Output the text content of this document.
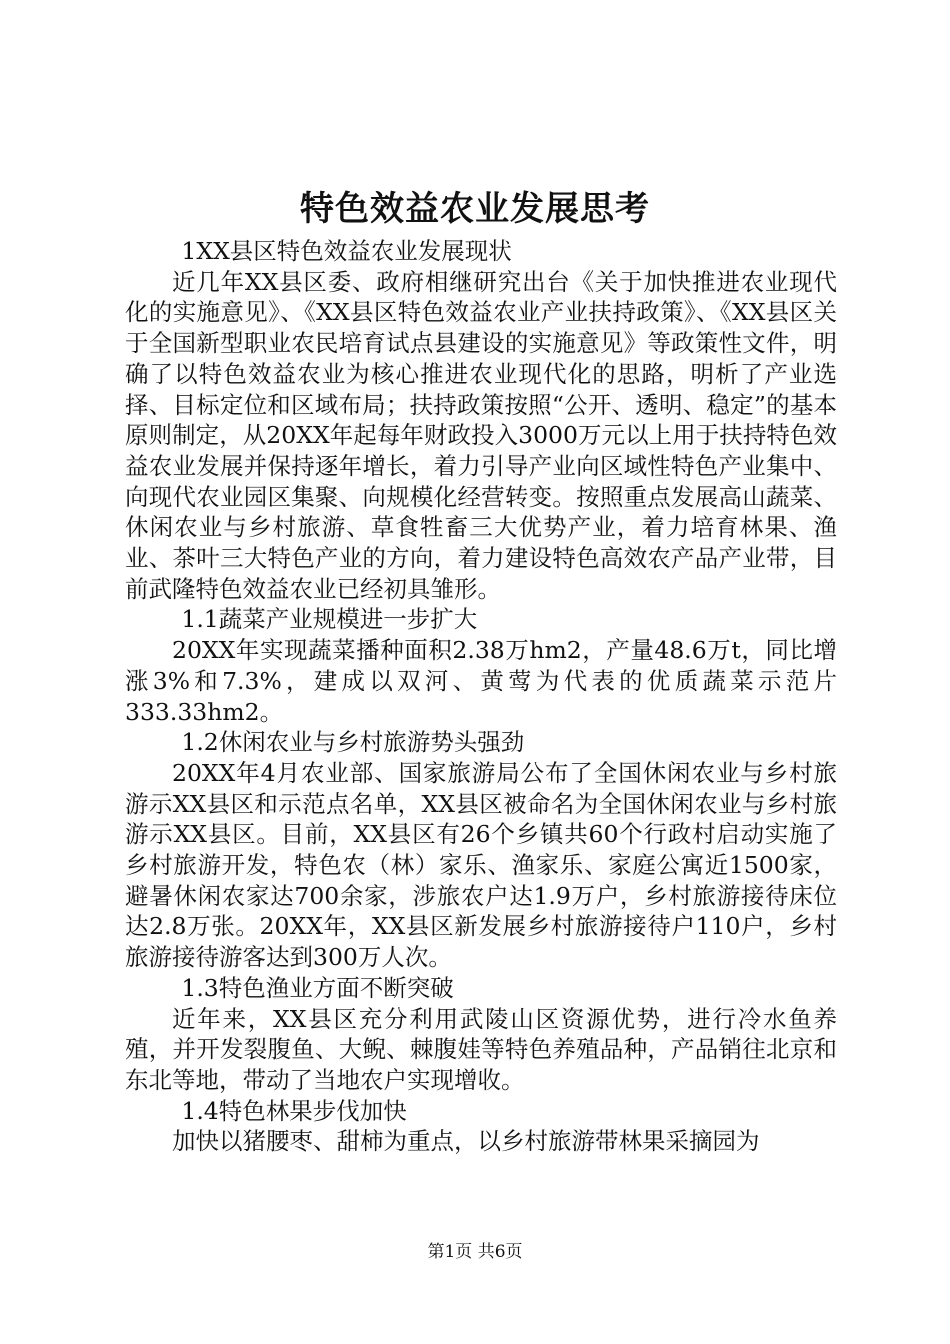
特色效益农业发展思考

1XX县区特色效益农业发展现状

近几年XX县区委、政府相继研究出台《关于加快推进农业现代化的实施意见》、《XX县区特色效益农业产业扶持政策》、《XX县区关于全国新型职业农民培育试点县建设的实施意见》等政策性文件，明确了以特色效益农业为核心推进农业现代化的思路，明析了产业选择、目标定位和区域布局；扶持政策按照“公开、透明、稳定”的基本原则制定，从20XX年起每年财政投入3000万元以上用于扶持特色效益农业发展并保持逐年增长，着力引导产业向区域性特色产业集中、向现代农业园区集聚、向规模化经营转变。按照重点发展高山蔬菜、休闲农业与乡村旅游、草食牲畜三大优势产业，着力培育林果、渔业、茶叶三大特色产业的方向，着力建设特色高效农产品产业带，目前武隆特色效益农业已经初具雏形。

1.1蔬菜产业规模进一步扩大

20XX年实现蔬菜播种面积2.38万hm2，产量48.6万t，同比增涨3%和7.3%，建成以双河、黄莺为代表的优质蔬菜示范片333.33hm2。

1.2休闲农业与乡村旅游势头强劲

20XX年4月农业部、国家旅游局公布了全国休闲农业与乡村旅游示XX县区和示范点名单，XX县区被命名为全国休闲农业与乡村旅游示XX县区。目前，XX县区有26个乡镇共60个行政村启动实施了乡村旅游开发，特色农（林）家乐、渔家乐、家庭公寓近1500家，避暑休闲农家达700余家，涉旅农户达1.9万户，乡村旅游接待床位达2.8万张。20XX年，XX县区新发展乡村旅游接待户110户，乡村旅游接待游客达到300万人次。

1.3特色渔业方面不断突破

近年来，XX县区充分利用武陵山区资源优势，进行冷水鱼养殖，并开发裂腹鱼、大鲵、棘腹娃等特色养殖品种，产品销往北京和东北等地，带动了当地农户实现增收。

1.4特色林果步伐加快

加快以猪腰枣、甜柿为重点，以乡村旅游带林果采摘园为

第1页 共6页
